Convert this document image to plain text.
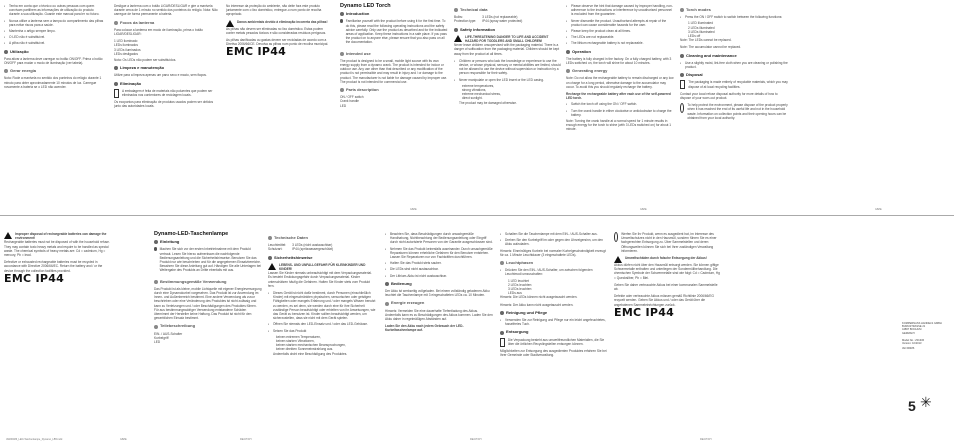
▪ Tenha em conta que o técnico ou outras pessoas com quem convivam partilhem as informações de utilização do produto durante a sua utilização. Guarde este manual para ler no futuro.
▪ Nunca utilize a lanterna sem a tampa do compartimento das pilhas para evitar riscos para a saúde.
▪ Mantenha o artigo sempre limpo.
▪ O LED não é substituível.
▪ A pilha não é substituível.
Utilização

Para ativar a lanterna deve carregar no botão ON/OFF. Prima o botão ON/OFF para mudar o modo de iluminação (ver tabela).

Gerar energia

Nota: Rode a manivela no sentido dos ponteiros do relógio durante 1 minuto para obter aproximadamente 10 minutos de luz. Carregue novamente a bateria se o LED não acender.

Desligue a lanterna com o botão LIGAR/DESLIGAR e gire a manivela durante cerca de 1 minuto no sentido dos ponteiros do relógio. Nota: Não carregue de forma permanente a bateria.

Focos da lanterna

Para colocar a lanterna em modo de iluminação, prima o botão LIGAR/DESLIGAR:

1 LED iluminado
LEDs iluminados
3 LEDs iluminados
LEDs desligados

Nota: Os LEDs não podem ser substituídos.

Limpeza e manutenção

Utilize para a limpeza apenas um pano seco e macio, sem fiapos.

Eliminação

A embalagem é feita de materiais não poluentes que podem ser eliminados nos contentores de reciclagem locais.

Os ecopontos para eliminação de produtos usados podem ser obtidos junto das autoridades locais.

No interesse da proteção do ambiente, não deite fora este produto juntamente com o lixo doméstico, entregue-o num ponto de recolha apropriado.

Danos ambientais devido à eliminação incorreta das pilhas!

As pilhas não devem ser eliminadas no lixo doméstico. Estas podem conter metais pesados tóxicos e são consideradas resíduos perigosos.

As pilhas danificadas ou gastas devem ser recicladas de acordo com a Diretiva 2006/66/CE. Devolva as pilhas num ponto de recolha municipal.

EMC IP44
Dynamo LED Torch
Introduction

Familiarise yourself with the product before using it for the first time. To do this, please read the following operating instructions and the safety advice carefully. Only use the product as described and for the indicated areas of application. Keep these instructions in a safe place. If you pass the product on to anyone else, please ensure that you also pass on all the documentation.

Intended use

The product is designed to be a small, mobile light source with its own energy supply from a dynamo crank. The product is intended for indoor or outdoor use. Any use other than that described or any modification of the product is not permissible and may result in injury and / or damage to the product. The manufacturer is not liable for damage caused by improper use. The product is not intended for commercial use.

Parts description
ON / OFF switch
Crank handle
LED
Technical data
Bulbs:	3 LEDs (not replaceable)
Protection type:	IP44 (spray water protected)
Safety information
LIFE-THREATENING DANGER TO LIFE AND ACCIDENT HAZARD FOR TODDLERS AND SMALL CHILDREN!

Never leave children unsupervised with the packaging material. There is a danger of suffocation from the packaging material. Children should be kept away from the product at all times.

▪ Children or persons who lack the knowledge or experience to use the device, or whose physical, sensory or mental abilities are limited, should not be allowed to use the device without supervision or instruction by a person responsible for their safety.
▪ Never manipulate or open the LED insert or the LED casing.
extreme temperatures,
strong vibrations,
extreme mechanical stress,
direct sunlight.

The product may be damaged otherwise.

▪ Please observe the hint that damage caused by improper handling, non-adherence to the instructions or interference by unauthorised personnel is excluded from the guarantee.
▪ Never dismantle the product. Unauthorised attempts at repair of the product can cause considerable hazards for the user.
▪ Please keep the product clean at all times.
▪ The LEDs are not replaceable.
▪ The lithium rechargeable battery is not replaceable.
Operation

The battery is fully charged in the factory. On a fully charged battery, with 3 LEDs switched on, the torch will shine for about 10 minutes.

Generating energy

Note: Do not allow the rechargeable battery to remain discharged or any low on charge for a long period, otherwise damage to the accumulator may occur. To avoid this you should regularly recharge the battery.

Recharge the rechargeable battery after each use of the self-powered LED torch.
▪ Switch the torch off using the ON / OFF switch.
▪ Turn the crank handle in either clockwise or anticlockwise to charge the battery.

Note: Turning the crank handle at a normal speed for 1 minute results in enough energy for the torch to shine (with 3 LEDs switched on) for about 1 minute.

Torch modes
▪ Press the ON / OFF switch to switch between the following functions:
1 LED illuminated
2 LEDs illuminated
3 LEDs illuminated
LEDs off

Note: The LEDs cannot be replaced.

Note: The accumulator cannot be replaced.

Cleaning and maintenance
▪ Use a slightly moist, lint-free cloth when you are cleaning or polishing the product.
Disposal

The packaging is made entirely of recyclable materials, which you may dispose of at local recycling facilities.

Contact your local refuse disposal authority for more details of how to dispose of your worn-out product.

To help protect the environment, please dispose of the product properly when it has reached the end of its useful life and not in the household waste. Information on collection points and their opening hours can be obtained from your local authority.

Improper disposal of rechargeable batteries can damage the environment!

Rechargeable batteries must not be disposed of with the household refuse. They may contain toxic heavy metals and require to be handled as special waste. The chemical symbols of heavy metals are: Cd = cadmium, Hg = mercury, Pb = lead.

Defective or exhausted rechargeable batteries must be recycled in accordance with Directive 2006/66/EC. Return the battery and / or the device through the collection facilities provided.

EMC IP44
Dynamo-LED-Taschenlampe
Einleitung

Machen Sie sich vor der ersten Inbetriebnahme mit dem Produkt vertraut. Lesen Sie hierzu aufmerksam die nachfolgende Bedienungsanleitung und die Sicherheitshinweise. Benutzen Sie das Produkt nur wie beschrieben und für die angegebenen Einsatzbereiche. Bewahren Sie diese Anleitung gut auf. Händigen Sie alle Unterlagen bei Weitergabe des Produkts an Dritte ebenfalls mit aus.

Bestimmungsgemäße Verwendung

Das Produkt ist als kleine, mobile Lichtquelle mit eigener Energieversorgung durch eine Dynamokurbel vorgesehen. Das Produkt ist zur Anwendung im Innen- und Außenbereich bestimmt. Eine andere Verwendung als zuvor beschrieben oder eine Veränderung des Produktes ist nicht zulässig und kann zu Verletzungen und / oder Beschädigungen des Produktes führen. Für aus bestimmungswidriger Verwendung entstandene Schäden übernimmt der Hersteller keine Haftung. Das Produkt ist nicht für den gewerblichen Einsatz bestimmt.

Teilebeschreibung
EIN- / AUS-Schalter
Kurbelgriff
LED
Technische Daten
Leuchtmittel:	3 LEDs (nicht austauschbar)
Schutzart:	IP44 (spritzwassergeschützt)
Sicherheitshinweise
LEBENS- UND UNFALLGEFAHR FÜR KLEINKINDER UND KINDER!

Lassen Sie Kinder niemals unbeaufsichtigt mit dem Verpackungsmaterial. Es besteht Erstickungsgefahr durch Verpackungsmaterial. Kinder unterschätzen häufig die Gefahren. Halten Sie Kinder stets vom Produkt fern.

▪ Dieses Gerät ist nicht dafür bestimmt, durch Personen (einschließlich Kinder) mit eingeschränkten physischen, sensorischen oder geistigen Fähigkeiten oder mangels Erfahrung und / oder mangels Wissen benutzt zu werden, es sei denn, sie werden durch eine für ihre Sicherheit zuständige Person beaufsichtigt oder erhielten von ihr Anweisungen, wie das Gerät zu benutzen ist. Kinder sollten beaufsichtigt werden, um sicherzustellen, dass sie nicht mit dem Gerät spielen.
▪ Öffnen Sie niemals den LED-Einsatz und / oder das LED-Gehäuse.
▪ Setzen Sie das Produkt
keinen extremen Temperaturen,
keinen starken Vibrationen,
keinen starken mechanischen Beanspruchungen,
keiner direkten Sonneneinstrahlung aus.

Andernfalls droht eine Beschädigung des Produktes.

▪ Beachten Sie, dass Beschädigungen durch unsachgemäße Handhabung, Nichtbeachtung der Bedienungsanleitung oder Eingriff durch nicht autorisierte Personen von der Garantie ausgeschlossen sind.
▪ Nehmen Sie das Produkt keinesfalls auseinander. Durch unsachgemäße Reparaturen können erhebliche Gefahren für den Benutzer entstehen. Lassen Sie Reparaturen nur von Fachkräften durchführen.
▪ Halten Sie das Produkt stets sauber.
▪ Die LEDs sind nicht austauschbar.
▪ Der Lithium-Akku ist nicht austauschbar.
Bedienung

Der Akku ist werkseitig vollgeladen. Bei einem vollständig geladenen Akku leuchtet die Taschenlampe mit 3 eingeschalteten LEDs ca. 10 Minuten.

Energie erzeugen

Hinweis: Vermeiden Sie eine dauerhafte Tiefentladung des Akkus. Andernfalls kann es zu Beschädigungen des Akkus kommen. Laden Sie den Akku daher in regelmäßigen Abständen auf.

Laden Sie den Akku nach jedem Gebrauch der LED-Kurbeltaschenlampe auf.
▪ Schalten Sie die Taschenlampe mit dem EIN- / AUS-Schalter aus.
▪ Drehen Sie den Kurbelgriff im oder gegen den Uhrzeigersinn, um den Akku aufzuladen.

Hinweis: Einminütiges Kurbeln bei normaler Kurbelgeschwindigkeit erzeugt für ca. 1 Minute Leuchtdauer (3 eingeschaltete LEDs).

Leuchtphasen
▪ Drücken Sie den EIN- / AUS-Schalter, um zwischen folgenden Leuchtmodi umzuschalten:
1 LED leuchtet
2 LEDs leuchten
3 LEDs leuchten
LEDs aus

Hinweis: Die LEDs können nicht ausgetauscht werden.

Hinweis: Der Akku kann nicht ausgetauscht werden.

Reinigung und Pflege
▪ Verwenden Sie zur Reinigung und Pflege nur ein leicht angefeuchtetes, fusselfreies Tuch.
Entsorgung

Die Verpackung besteht aus umweltfreundlichen Materialien, die Sie über die örtlichen Recyclingstellen entsorgen können.

Möglichkeiten zur Entsorgung des ausgedienten Produktes erfahren Sie bei Ihrer Gemeinde oder Stadtverwaltung.

Werfen Sie Ihr Produkt, wenn es ausgedient hat, im Interesse des Umweltschutzes nicht in den Hausmüll, sondern führen Sie es einer fachgerechten Entsorgung zu. Über Sammelstellen und deren Öffnungszeiten können Sie sich bei Ihrer zuständigen Verwaltung informieren.

Umweltschäden durch falsche Entsorgung der Akkus!

Akkus dürfen nicht über den Hausmüll entsorgt werden. Sie können giftige Schwermetalle enthalten und unterliegen der Sondermüllbehandlung. Die chemischen Symbole der Schwermetalle sind wie folgt: Cd = Cadmium, Hg = Quecksilber, Pb = Blei.

Geben Sie daher verbrauchte Akkus bei einer kommunalen Sammelstelle ab.

Defekte oder verbrauchte Akkus müssen gemäß Richtlinie 2006/66/EG recycelt werden. Geben Sie Akkus und / oder das Gerät über die angebotenen Sammeleinrichtungen zurück.

EMC IP44
KOMPERNASS HANDELS GMBH
BURGSTRASSE 21
44867 BOCHUM
GERMANY
Model No.: Z31336
Version: 10/2013
IAN 96486
5 ✳
IAN96486_LED-Taschenlampe_Dynamo_LB5.indd	GB/IE	DE/AT/CH	DE/AT/CH	DE/AT/CH
GB/IE	GB/IE	GB/IE
